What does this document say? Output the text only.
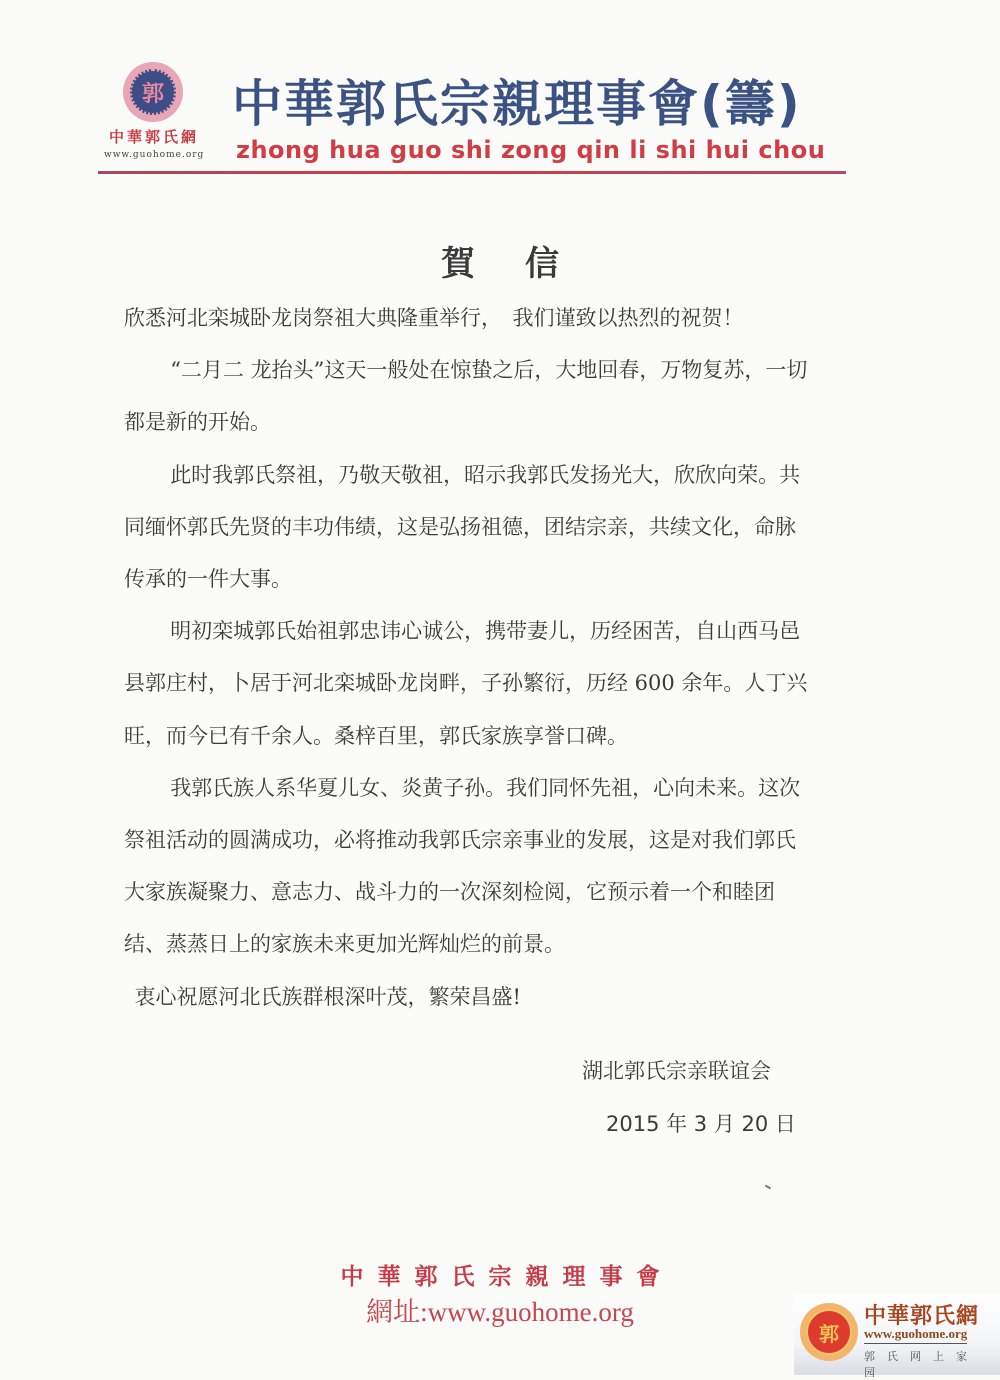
郭
中華郭氏網
www.guohome.org
中華郭氏宗親理事會(籌)
zhong hua guo shi zong qin li shi hui chou
賀信

欣悉河北栾城卧龙岗祭祖大典隆重举行，　我们谨致以热烈的祝贺！

“二月二 龙抬头”这天一般处在惊蛰之后，大地回春，万物复苏，一切都是新的开始。

此时我郭氏祭祖，乃敬天敬祖，昭示我郭氏发扬光大，欣欣向荣。共同缅怀郭氏先贤的丰功伟绩，这是弘扬祖德，团结宗亲，共续文化，命脉传承的一件大事。

明初栾城郭氏始祖郭忠讳心诚公，携带妻儿，历经困苦，自山西马邑县郭庄村，卜居于河北栾城卧龙岗畔，子孙繁衍，历经 600 余年。人丁兴旺，而今已有千余人。桑梓百里，郭氏家族享誉口碑。

我郭氏族人系华夏儿女、炎黄子孙。我们同怀先祖，心向未来。这次祭祖活动的圆满成功，必将推动我郭氏宗亲事业的发展，这是对我们郭氏大家族凝聚力、意志力、战斗力的一次深刻检阅，它预示着一个和睦团结、蒸蒸日上的家族未来更加光辉灿烂的前景。

衷心祝愿河北氏族群根深叶茂，繁荣昌盛!

湖北郭氏宗亲联谊会
2015 年 3 月 20 日
中華郭氏宗親理事會
網址:www.guohome.org
郭
中華郭氏網
www.guohome.org
郭氏网上家园
